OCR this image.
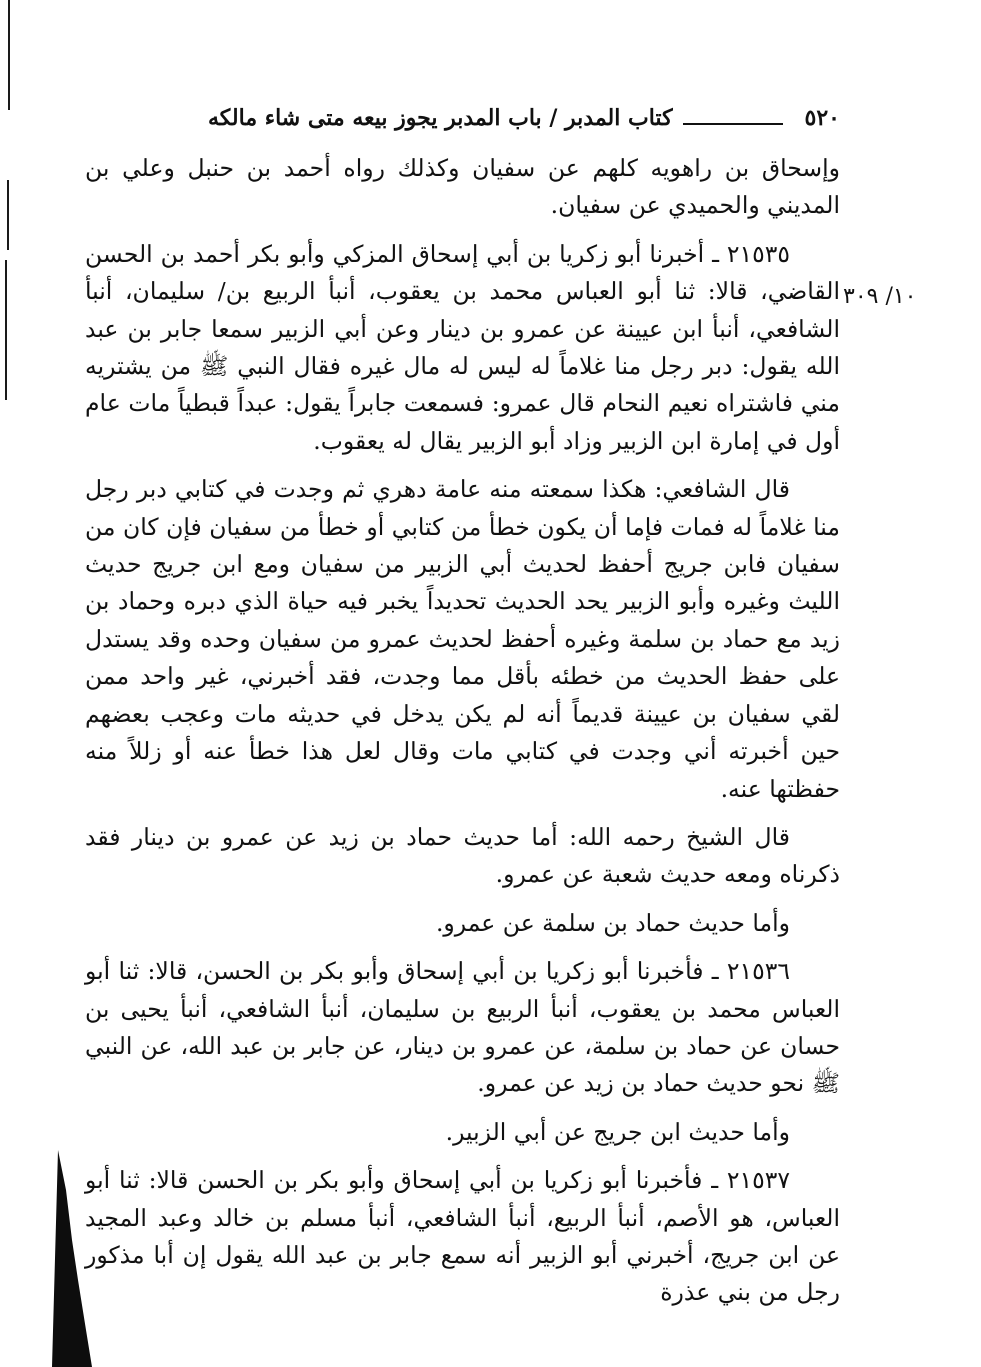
٥٢٠
كتاب المدبر / باب المدبر يجوز بيعه متى شاء مالكه
١٠/ ٣٠٩

وإسحاق بن راهويه كلهم عن سفيان وكذلك رواه أحمد بن حنبل وعلي بن المديني والحميدي عن سفيان.

٢١٥٣٥ ـ أخبرنا أبو زكريا بن أبي إسحاق المزكي وأبو بكر أحمد بن الحسن القاضي، قالا: ثنا أبو العباس محمد بن يعقوب، أنبأ الربيع بن/ سليمان، أنبأ الشافعي، أنبأ ابن عيينة عن عمرو بن دينار وعن أبي الزبير سمعا جابر بن عبد الله يقول: دبر رجل منا غلاماً له ليس له مال غيره فقال النبي ﷺ من يشتريه مني فاشتراه نعيم النحام قال عمرو: فسمعت جابراً يقول: عبداً قبطياً مات عام أول في إمارة ابن الزبير وزاد أبو الزبير يقال له يعقوب.

قال الشافعي: هكذا سمعته منه عامة دهري ثم وجدت في كتابي دبر رجل منا غلاماً له فمات فإما أن يكون خطأ من كتابي أو خطأ من سفيان فإن كان من سفيان فابن جريج أحفظ لحديث أبي الزبير من سفيان ومع ابن جريج حديث الليث وغيره وأبو الزبير يحد الحديث تحديداً يخبر فيه حياة الذي دبره وحماد بن زيد مع حماد بن سلمة وغيره أحفظ لحديث عمرو من سفيان وحده وقد يستدل على حفظ الحديث من خطئه بأقل مما وجدت، فقد أخبرني، غير واحد ممن لقي سفيان بن عيينة قديماً أنه لم يكن يدخل في حديثه مات وعجب بعضهم حين أخبرته أني وجدت في كتابي مات وقال لعل هذا خطأ عنه أو زللاً منه حفظتها عنه.

قال الشيخ رحمه الله: أما حديث حماد بن زيد عن عمرو بن دينار فقد ذكرناه ومعه حديث شعبة عن عمرو.

وأما حديث حماد بن سلمة عن عمرو.

٢١٥٣٦ ـ فأخبرنا أبو زكريا بن أبي إسحاق وأبو بكر بن الحسن، قالا: ثنا أبو العباس محمد بن يعقوب، أنبأ الربيع بن سليمان، أنبأ الشافعي، أنبأ يحيى بن حسان عن حماد بن سلمة، عن عمرو بن دينار، عن جابر بن عبد الله، عن النبي ﷺ نحو حديث حماد بن زيد عن عمرو.

وأما حديث ابن جريج عن أبي الزبير.

٢١٥٣٧ ـ فأخبرنا أبو زكريا بن أبي إسحاق وأبو بكر بن الحسن قالا: ثنا أبو العباس، هو الأصم، أنبأ الربيع، أنبأ الشافعي، أنبأ مسلم بن خالد وعبد المجيد عن ابن جريج، أخبرني أبو الزبير أنه سمع جابر بن عبد الله يقول إن أبا مذكور رجل من بني عذرة
